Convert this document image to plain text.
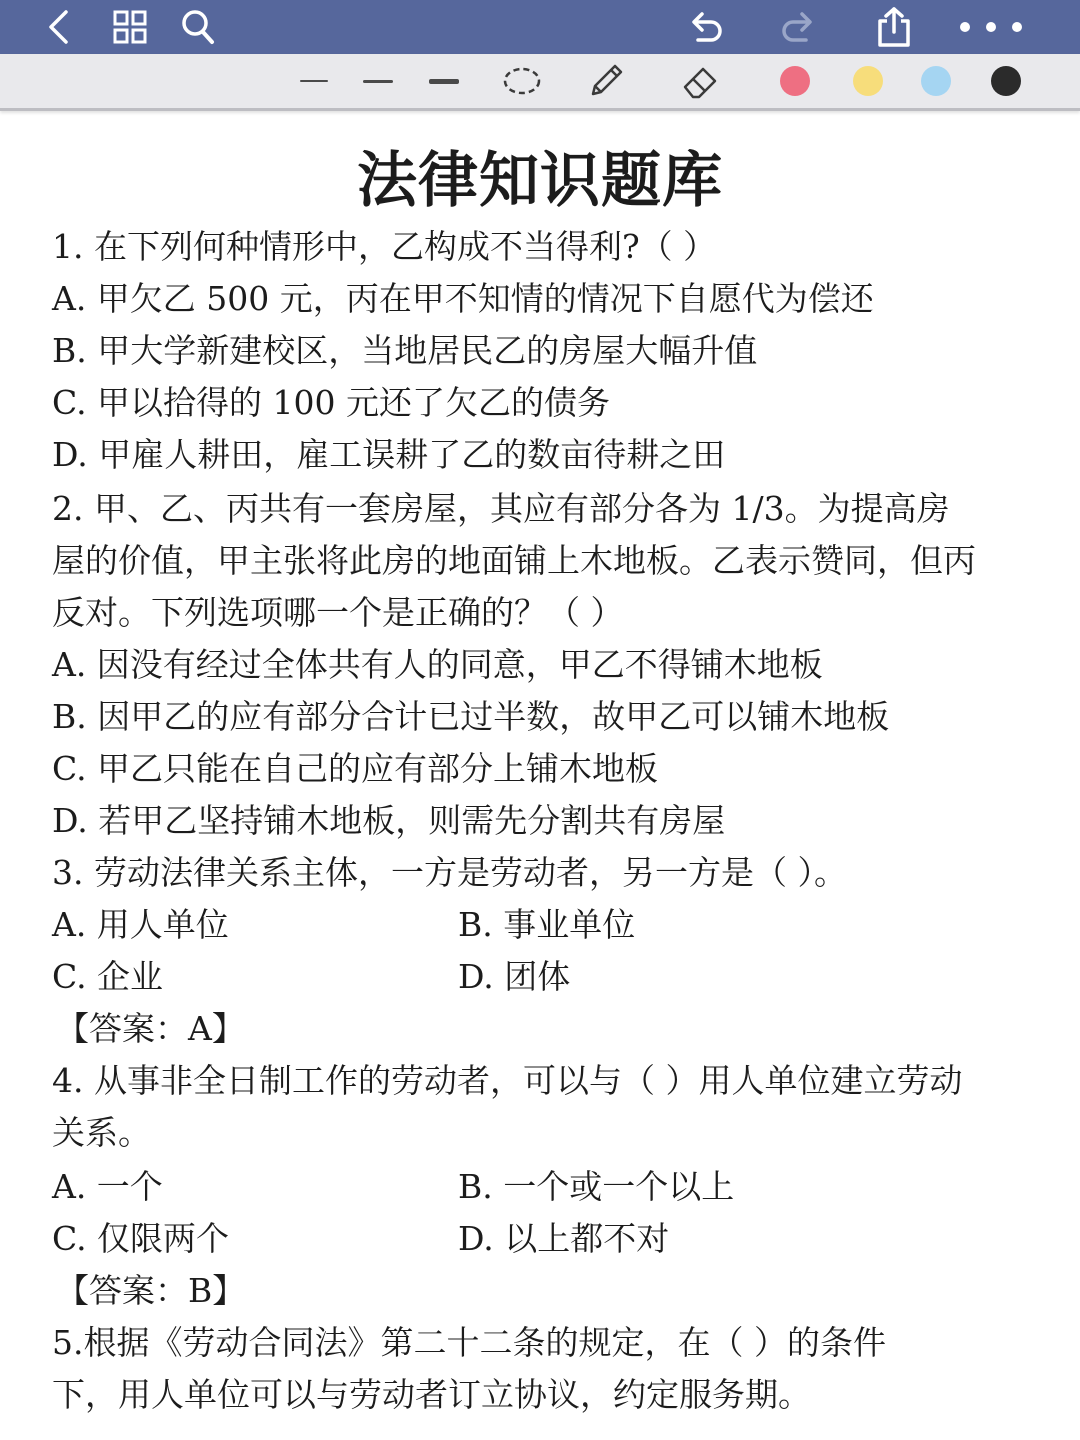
法律知识题库
1. 在下列何种情形中，乙构成不当得利?（ ）
A. 甲欠乙 500 元，丙在甲不知情的情况下自愿代为偿还
B. 甲大学新建校区，当地居民乙的房屋大幅升值
C. 甲以拾得的 100 元还了欠乙的债务
D. 甲雇人耕田，雇工误耕了乙的数亩待耕之田
2. 甲、乙、丙共有一套房屋，其应有部分各为 1/3。为提高房
屋的价值，甲主张将此房的地面铺上木地板。乙表示赞同，但丙
反对。下列选项哪一个是正确的？（ ）
A. 因没有经过全体共有人的同意，甲乙不得铺木地板
B. 因甲乙的应有部分合计已过半数，故甲乙可以铺木地板
C. 甲乙只能在自己的应有部分上铺木地板
D. 若甲乙坚持铺木地板，则需先分割共有房屋
3. 劳动法律关系主体，一方是劳动者，另一方是（ ）。
A. 用人单位	B. 事业单位
C. 企业	D. 团体
【答案：A】
4. 从事非全日制工作的劳动者，可以与（ ）用人单位建立劳动
关系。
A. 一个	B. 一个或一个以上
C. 仅限两个	D. 以上都不对
【答案：B】
5.根据《劳动合同法》第二十二条的规定，在（ ）的条件
下，用人单位可以与劳动者订立协议，约定服务期。
